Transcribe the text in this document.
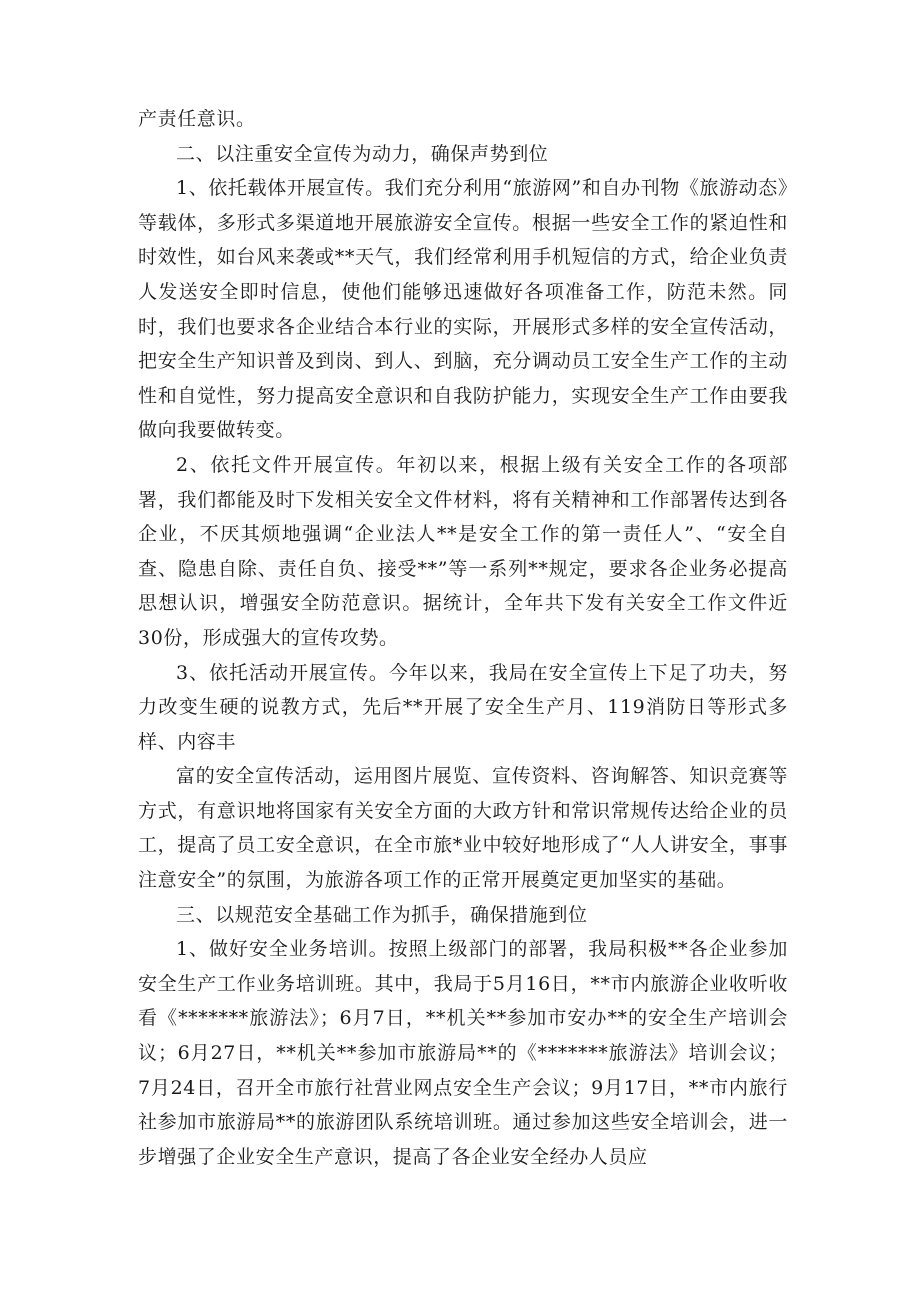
产责任意识。

二、以注重安全宣传为动力，确保声势到位

1、依托载体开展宣传。我们充分利用“旅游网”和自办刊物《旅游动态》等载体，多形式多渠道地开展旅游安全宣传。根据一些安全工作的紧迫性和时效性，如台风来袭或**天气，我们经常利用手机短信的方式，给企业负责人发送安全即时信息，使他们能够迅速做好各项准备工作，防范未然。同时，我们也要求各企业结合本行业的实际，开展形式多样的安全宣传活动，把安全生产知识普及到岗、到人、到脑，充分调动员工安全生产工作的主动性和自觉性，努力提高安全意识和自我防护能力，实现安全生产工作由要我做向我要做转变。

2、依托文件开展宣传。年初以来，根据上级有关安全工作的各项部署，我们都能及时下发相关安全文件材料，将有关精神和工作部署传达到各企业，不厌其烦地强调“企业法人**是安全工作的第一责任人”、“安全自查、隐患自除、责任自负、接受**”等一系列**规定，要求各企业务必提高思想认识，增强安全防范意识。据统计，全年共下发有关安全工作文件近30份，形成强大的宣传攻势。

3、依托活动开展宣传。今年以来，我局在安全宣传上下足了功夫，努力改变生硬的说教方式，先后**开展了安全生产月、119消防日等形式多样、内容丰

富的安全宣传活动，运用图片展览、宣传资料、咨询解答、知识竞赛等方式，有意识地将国家有关安全方面的大政方针和常识常规传达给企业的员工，提高了员工安全意识，在全市旅*业中较好地形成了“人人讲安全，事事注意安全”的氛围，为旅游各项工作的正常开展奠定更加坚实的基础。

三、以规范安全基础工作为抓手，确保措施到位

1、做好安全业务培训。按照上级部门的部署，我局积极**各企业参加安全生产工作业务培训班。其中，我局于5月16日，**市内旅游企业收听收看《*******旅游法》；6月7日，**机关**参加市安办**的安全生产培训会议；6月27日，**机关**参加市旅游局**的《*******旅游法》培训会议；7月24日，召开全市旅行社营业网点安全生产会议；9月17日，**市内旅行社参加市旅游局**的旅游团队系统培训班。通过参加这些安全培训会，进一步增强了企业安全生产意识，提高了各企业安全经办人员应
